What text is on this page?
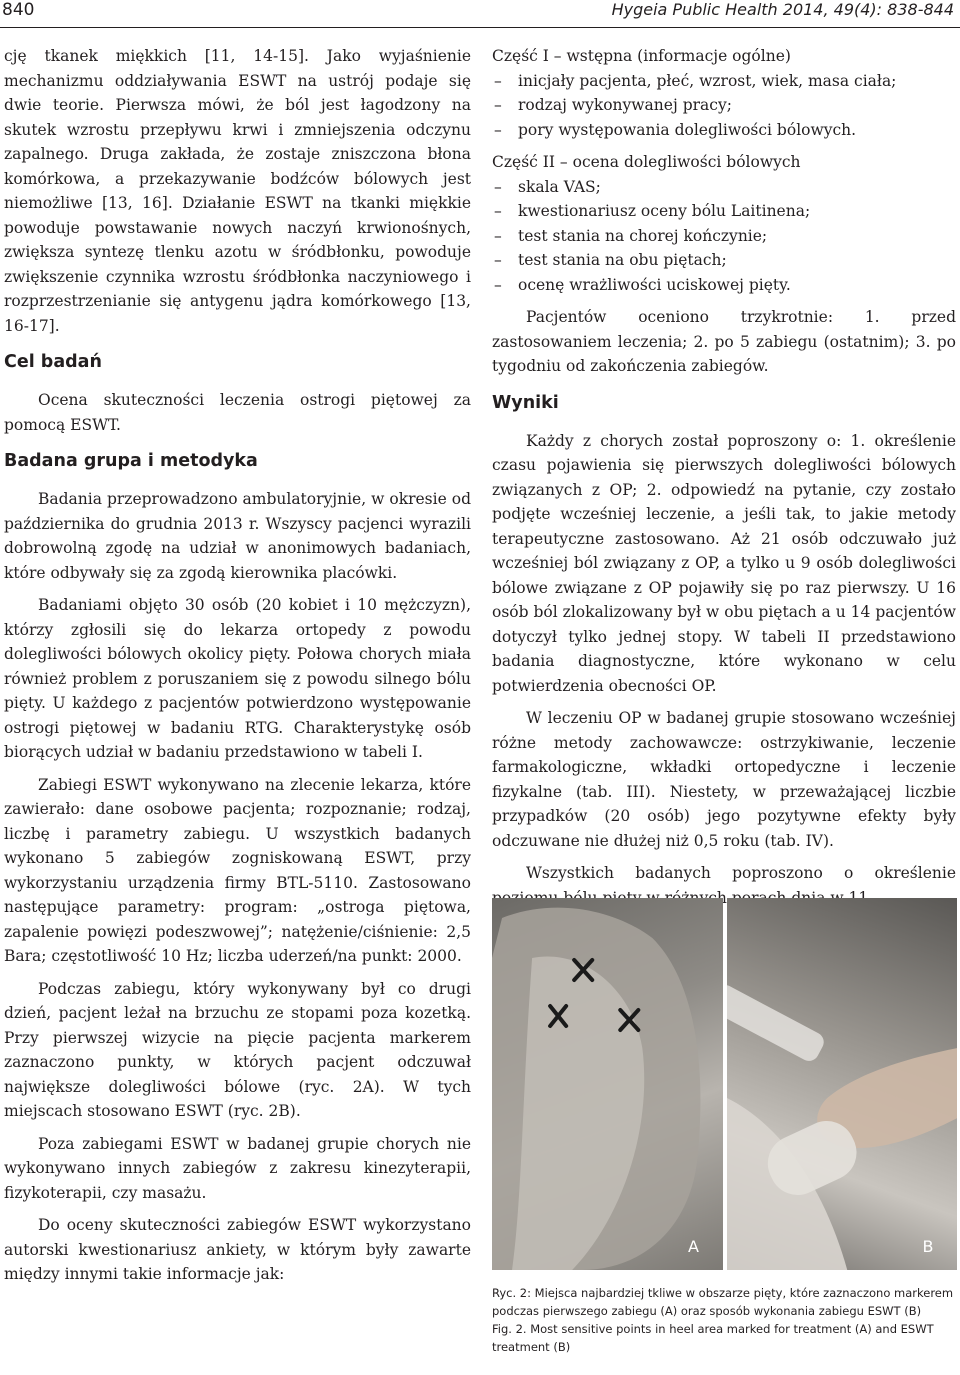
840	Hygeia Public Health 2014, 49(4): 838-844

cję tkanek miękkich [11, 14-15]. Jako wyjaśnienie mechanizmu oddziaływania ESWT na ustrój podaje się dwie teorie. Pierwsza mówi, że ból jest łagodzony na skutek wzrostu przepływu krwi i zmniejszenia odczynu zapalnego. Druga zakłada, że zostaje zniszczona błona komórkowa, a przekazywanie bodźców bólowych jest niemożliwe [13, 16]. Działanie ESWT na tkanki miękkie powoduje powstawanie nowych naczyń krwionośnych, zwiększa syntezę tlenku azotu w śródbłonku, powoduje zwiększenie czynnika wzrostu śródbłonka naczyniowego i rozprzestrzenianie się antygenu jądra komórkowego [13, 16-17].

Cel badań

Ocena skuteczności leczenia ostrogi piętowej za pomocą ESWT.

Badana grupa i metodyka

Badania przeprowadzono ambulatoryjnie, w okresie od października do grudnia 2013 r. Wszyscy pacjenci wyrazili dobrowolną zgodę na udział w anonimowych badaniach, które odbywały się za zgodą kierownika placówki.

Badaniami objęto 30 osób (20 kobiet i 10 mężczyzn), którzy zgłosili się do lekarza ortopedy z powodu dolegliwości bólowych okolicy pięty. Połowa chorych miała również problem z poruszaniem się z powodu silnego bólu pięty. U każdego z pacjentów potwierdzono występowanie ostrogi piętowej w badaniu RTG. Charakterystykę osób biorących udział w badaniu przedstawiono w tabeli I.

Zabiegi ESWT wykonywano na zlecenie lekarza, które zawierało: dane osobowe pacjenta; rozpoznanie; rodzaj, liczbę i parametry zabiegu. U wszystkich badanych wykonano 5 zabiegów zogniskowaną ESWT, przy wykorzystaniu urządzenia firmy BTL-5110. Zastosowano następujące parametry: program: „ostroga piętowa, zapalenie powięzi podeszwowej”; natężenie/ciśnienie: 2,5 Bara; częstotliwość 10 Hz; liczba uderzeń/na punkt: 2000.

Podczas zabiegu, który wykonywany był co drugi dzień, pacjent leżał na brzuchu ze stopami poza kozetką. Przy pierwszej wizycie na pięcie pacjenta markerem zaznaczono punkty, w których pacjent odczuwał największe dolegliwości bólowe (ryc. 2A). W tych miejscach stosowano ESWT (ryc. 2B).

Poza zabiegami ESWT w badanej grupie chorych nie wykonywano innych zabiegów z zakresu kinezyterapii, fizykoterapii, czy masażu.

Do oceny skuteczności zabiegów ESWT wykorzystano autorski kwestionariusz ankiety, w którym były zawarte między innymi takie informacje jak:

Część I – wstępna (informacje ogólne)
– inicjały pacjenta, płeć, wzrost, wiek, masa ciała;
– rodzaj wykonywanej pracy;
– pory występowania dolegliwości bólowych.
Część II – ocena dolegliwości bólowych
– skala VAS;
– kwestionariusz oceny bólu Laitinena;
– test stania na chorej kończynie;
– test stania na obu piętach;
– ocenę wrażliwości uciskowej pięty.

Pacjentów oceniono trzykrotnie: 1. przed zastosowaniem leczenia; 2. po 5 zabiegu (ostatnim); 3. po tygodniu od zakończenia zabiegów.

Wyniki

Każdy z chorych został poproszony o: 1. określenie czasu pojawienia się pierwszych dolegliwości bólowych związanych z OP; 2. odpowiedź na pytanie, czy zostało podjęte wcześniej leczenie, a jeśli tak, to jakie metody terapeutyczne zastosowano. Aż 21 osób odczuwało już wcześniej ból związany z OP, a tylko u 9 osób dolegliwości bólowe związane z OP pojawiły się po raz pierwszy. U 16 osób ból zlokalizowany był w obu piętach a u 14 pacjentów dotyczył tylko jednej stopy. W tabeli II przedstawiono badania diagnostyczne, które wykonano w celu potwierdzenia obecności OP.

W leczeniu OP w badanej grupie stosowano wcześniej różne metody zachowawcze: ostrzykiwanie, leczenie farmakologiczne, wkładki ortopedyczne i leczenie fizykalne (tab. III). Niestety, w przeważającej liczbie przypadków (20 osób) jego pozytywne efekty były odczuwane nie dłużej niż 0,5 roku (tab. IV).

Wszystkich badanych poproszono o określenie

A	B
Ryc. 2: Miejsca najbardziej tkliwe w obszarze pięty, które zaznaczono markerem podczas pierwszego zabiegu (A) oraz sposób wykonania zabiegu ESWT (B)
Fig. 2. Most sensitive points in heel area marked for treatment (A) and ESWT treatment (B)
